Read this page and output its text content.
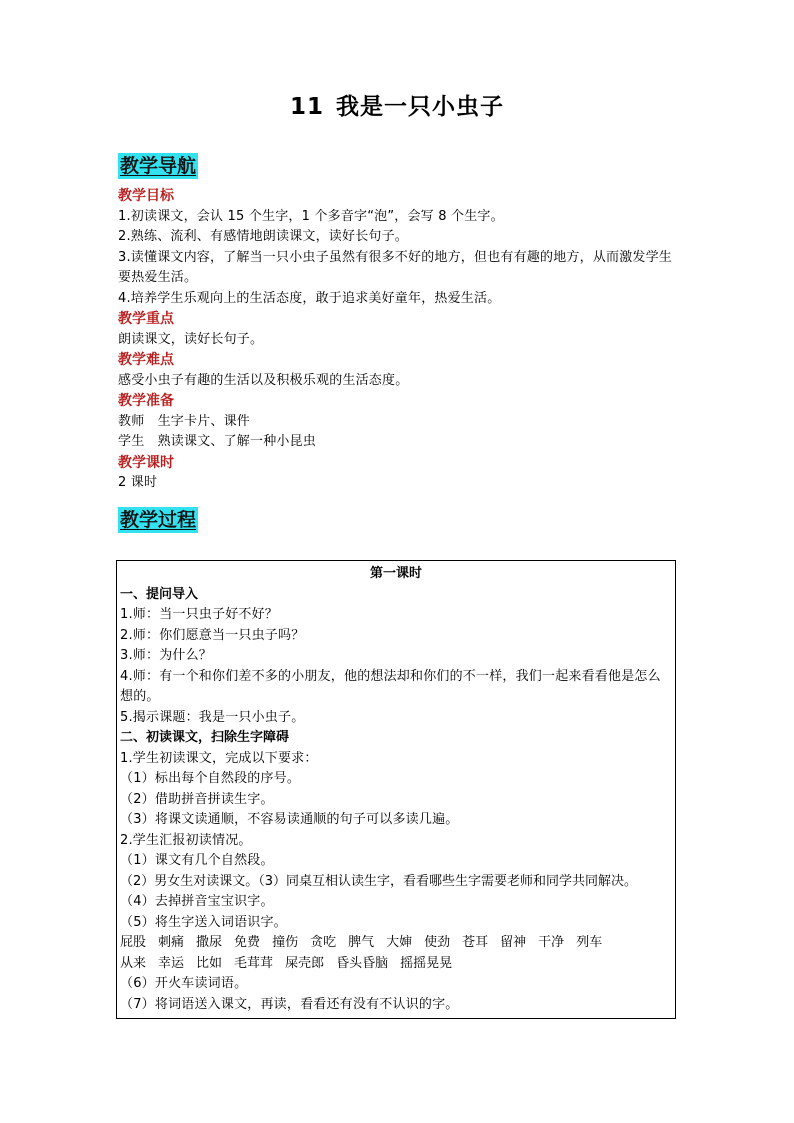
11 我是一只小虫子
教学导航
教学目标
1.初读课文，会认 15 个生字，1 个多音字“泡”，会写 8 个生字。
2.熟练、流利、有感情地朗读课文，读好长句子。
3.读懂课文内容，了解当一只小虫子虽然有很多不好的地方，但也有有趣的地方，从而激发学生要热爱生活。
4.培养学生乐观向上的生活态度，敢于追求美好童年，热爱生活。
教学重点
朗读课文，读好长句子。
教学难点
感受小虫子有趣的生活以及积极乐观的生活态度。
教学准备
教师　生字卡片、课件
学生　熟读课文、了解一种小昆虫
教学课时
2 课时
教学过程
第一课时
一、提问导入
1.师：当一只虫子好不好？
2.师：你们愿意当一只虫子吗？
3.师：为什么？
4.师：有一个和你们差不多的小朋友，他的想法却和你们的不一样，我们一起来看看他是怎么想的。
5.揭示课题：我是一只小虫子。
二、初读课文，扫除生字障碍
1.学生初读课文，完成以下要求：
（1）标出每个自然段的序号。
（2）借助拼音拼读生字。
（3）将课文读通顺，不容易读通顺的句子可以多读几遍。
2.学生汇报初读情况。
（1）课文有几个自然段。
（2）男女生对读课文。（3）同桌互相认读生字，看看哪些生字需要老师和同学共同解决。
（4）去掉拼音宝宝识字。
（5）将生字送入词语识字。
屁股 刺痛 撒尿 免费 撞伤 贪吃 脾气 大婶 使劲 苍耳 留神 干净 列车
从来 幸运 比如 毛茸茸 屎壳郎 昏头昏脑 摇摇晃晃
（6）开火车读词语。
（7）将词语送入课文，再读，看看还有没有不认识的字。
